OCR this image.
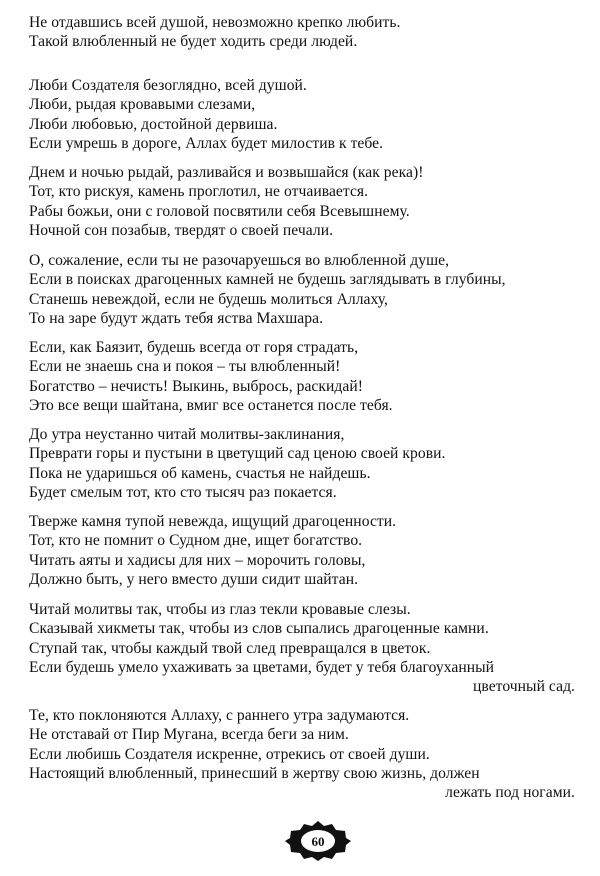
Не отдавшись всей душой, невозможно крепко любить.
Такой влюбленный не будет ходить среди людей.
Люби Создателя безоглядно, всей душой.
Люби, рыдая кровавыми слезами,
Люби любовью, достойной дервиша.
Если умрешь в дороге, Аллах будет милостив к тебе.
Днем и ночью рыдай, разливайся и возвышайся (как река)!
Тот, кто рискуя, камень проглотил, не отчаивается.
Рабы божьи, они с головой посвятили себя Всевышнему.
Ночной сон позабыв, твердят о своей печали.
О, сожаление, если ты не разочаруешься во влюбленной душе,
Если в поисках драгоценных камней не будешь заглядывать в глубины,
Станешь невеждой, если не будешь молиться Аллаху,
То на заре будут ждать тебя яства Махшара.
Если, как Баязит, будешь всегда от горя страдать,
Если не знаешь сна и покоя – ты влюбленный!
Богатство – нечисть! Выкинь, выбрось, раскидай!
Это все вещи шайтана, вмиг все останется после тебя.
До утра неустанно читай молитвы-заклинания,
Преврати горы и пустыни в цветущий сад ценою своей крови.
Пока не ударишься об камень, счастья не найдешь.
Будет смелым тот, кто сто тысяч раз покается.
Тверже камня тупой невежда, ищущий драгоценности.
Тот, кто не помнит о Судном дне, ищет богатство.
Читать аяты и хадисы для них – морочить головы,
Должно быть, у него вместо души сидит шайтан.
Читай молитвы так, чтобы из глаз текли кровавые слезы.
Сказывай хикметы так, чтобы из слов сыпались драгоценные камни.
Ступай так, чтобы каждый твой след превращался в цветок.
Если будешь умело ухаживать за цветами, будет у тебя благоуханный
цветочный сад.
Те, кто поклоняются Аллаху, с раннего утра задумаются.
Не отставай от Пир Мугана, всегда беги за ним.
Если любишь Создателя искренне, отрекись от своей души.
Настоящий влюбленный, принесший в жертву свою жизнь, должен
лежать под ногами.
60
